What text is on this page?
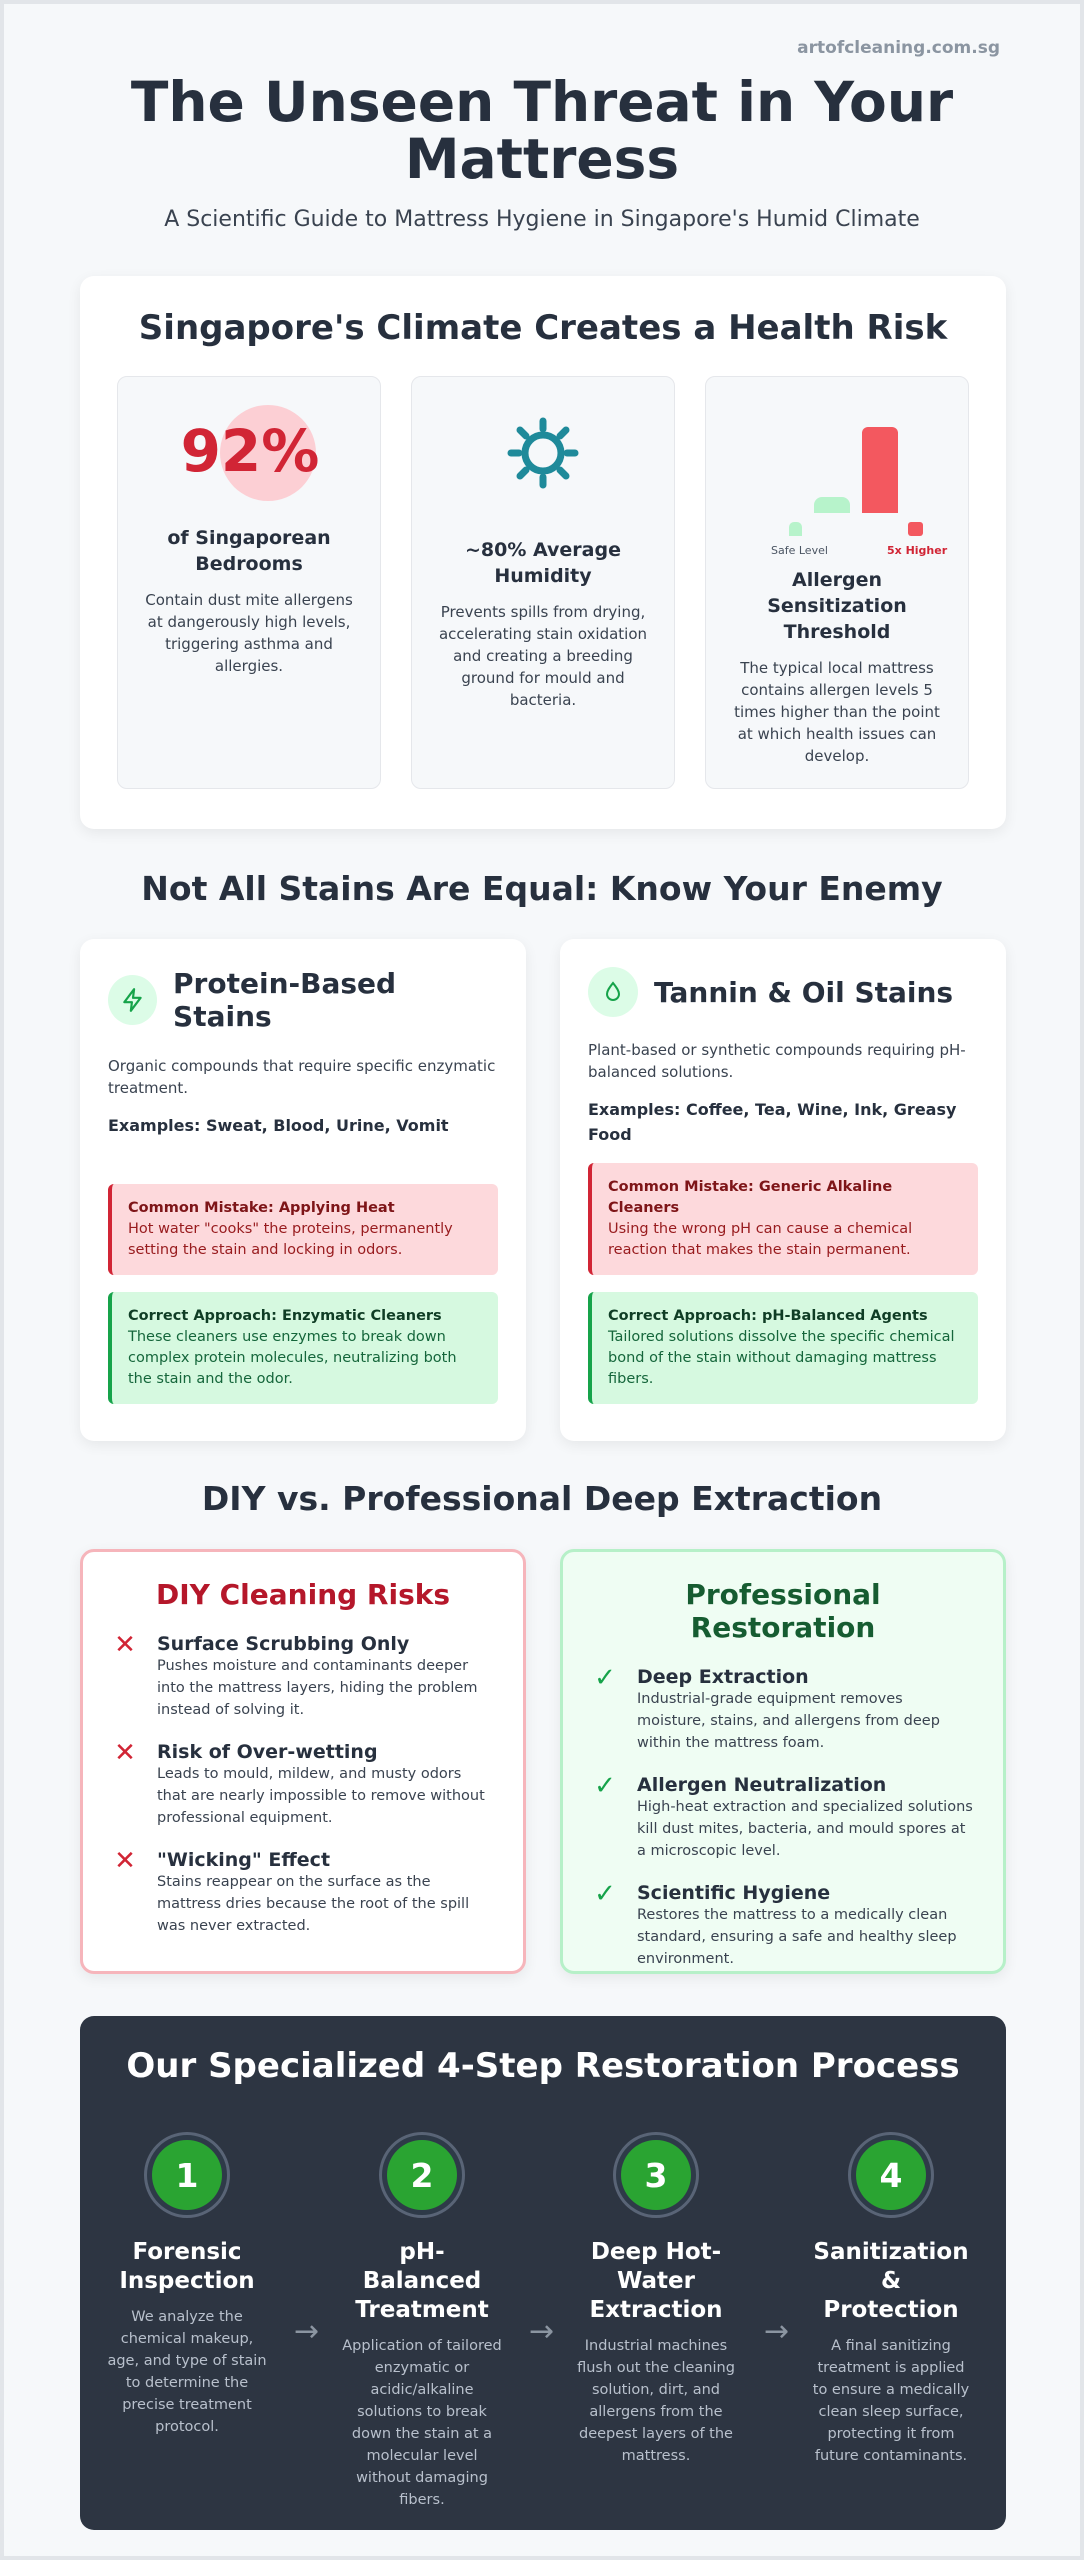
artofcleaning.com.sg
The Unseen Threat in Your Mattress

A Scientific Guide to Mattress Hygiene in Singapore's Humid Climate

Singapore's Climate Creates a Health Risk
92%
of Singaporean Bedrooms
Contain dust mite allergens at dangerously high levels, triggering asthma and allergies.
~80% Average Humidity
Prevents spills from drying, accelerating stain oxidation and creating a breeding ground for mould and bacteria.
Safe Level	5x Higher
Allergen Sensitization Threshold
The typical local mattress contains allergen levels 5 times higher than the point at which health issues can develop.
Not All Stains Are Equal: Know Your Enemy
Protein-Based Stains
Organic compounds that require specific enzymatic treatment.
Examples: Sweat, Blood, Urine, Vomit
Common Mistake: Applying Heat
Hot water "cooks" the proteins, permanently setting the stain and locking in odors.
Correct Approach: Enzymatic Cleaners
These cleaners use enzymes to break down complex protein molecules, neutralizing both the stain and the odor.
Tannin & Oil Stains
Plant-based or synthetic compounds requiring pH-balanced solutions.
Examples: Coffee, Tea, Wine, Ink, Greasy Food
Common Mistake: Generic Alkaline Cleaners
Using the wrong pH can cause a chemical reaction that makes the stain permanent.
Correct Approach: pH-Balanced Agents
Tailored solutions dissolve the specific chemical bond of the stain without damaging mattress fibers.
DIY vs. Professional Deep Extraction
DIY Cleaning Risks
✕ Surface Scrubbing Only
Pushes moisture and contaminants deeper into the mattress layers, hiding the problem instead of solving it.
✕ Risk of Over-wetting
Leads to mould, mildew, and musty odors that are nearly impossible to remove without professional equipment.
✕ "Wicking" Effect
Stains reappear on the surface as the mattress dries because the root of the spill was never extracted.
Professional Restoration
✓ Deep Extraction
Industrial-grade equipment removes moisture, stains, and allergens from deep within the mattress foam.
✓ Allergen Neutralization
High-heat extraction and specialized solutions kill dust mites, bacteria, and mould spores at a microscopic level.
✓ Scientific Hygiene
Restores the mattress to a medically clean standard, ensuring a safe and healthy sleep environment.
Our Specialized 4-Step Restoration Process
1
Forensic Inspection
We analyze the chemical makeup, age, and type of stain to determine the precise treatment protocol.
→
2
pH-Balanced Treatment
Application of tailored enzymatic or acidic/alkaline solutions to break down the stain at a molecular level without damaging fibers.
→
3
Deep Hot-Water Extraction
Industrial machines flush out the cleaning solution, dirt, and allergens from the deepest layers of the mattress.
→
4
Sanitization & Protection
A final sanitizing treatment is applied to ensure a medically clean sleep surface, protecting it from future contaminants.
